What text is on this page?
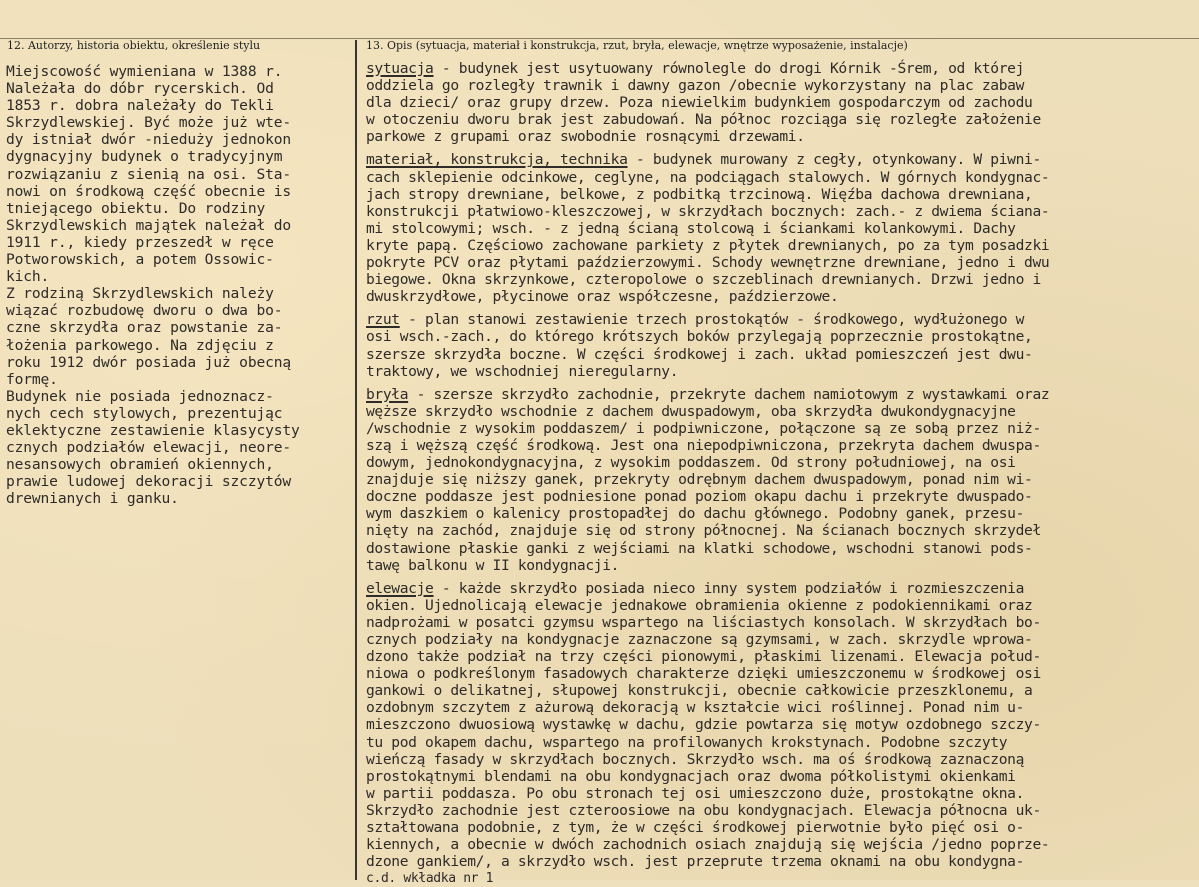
12. Autorzy, historia obiektu, określenie stylu	13. Opis (sytuacja, materiał i konstrukcja, rzut, bryła, elewacje, wnętrze wyposażenie, instalacje)
Miejscowość wymieniana w 1388 r.
Należała do dóbr rycerskich. Od
1853 r. dobra należały do Tekli
Skrzydlewskiej. Być może już wte-
dy istniał dwór -nieduży jednokon
dygnacyjny budynek o tradycyjnym
rozwiązaniu z sienią na osi. Sta-
nowi on środkową część obecnie is
tniejącego obiektu. Do rodziny
Skrzydlewskich majątek należał do
1911 r., kiedy przeszedł w ręce
Potworowskich, a potem Ossowic-
kich.
Z rodziną Skrzydlewskich należy
wiązać rozbudowę dworu o dwa bo-
czne skrzydła oraz powstanie za-
łożenia parkowego. Na zdjęciu z
roku 1912 dwór posiada już obecną
formę.
Budynek nie posiada jednoznacz-
nych cech stylowych, prezentując
eklektyczne zestawienie klasycysty
cznych podziałów elewacji, neore-
nesansowych obramień okiennych,
prawie ludowej dekoracji szczytów
drewnianych i ganku.
sytuacja - budynek jest usytuowany równolegle do drogi Kórnik -Śrem, od której
oddziela go rozległy trawnik i dawny gazon /obecnie wykorzystany na plac zabaw
dla dzieci/ oraz grupy drzew. Poza niewielkim budynkiem gospodarczym od zachodu
w otoczeniu dworu brak jest zabudowań. Na północ rozciąga się rozległe założenie
parkowe z grupami oraz swobodnie rosnącymi drzewami.
materiał, konstrukcja, technika - budynek murowany z cegły, otynkowany. W piwni-
cach sklepienie odcinkowe, ceglyne, na podciągach stalowych. W górnych kondygnac-
jach stropy drewniane, belkowe, z podbitką trzcinową. Więźba dachowa drewniana,
konstrukcji płatwiowo-kleszczowej, w skrzydłach bocznych: zach.- z dwiema ściana-
mi stolcowymi; wsch. - z jedną ścianą stolcową i ściankami kolankowymi. Dachy
kryte papą. Częściowo zachowane parkiety z płytek drewnianych, po za tym posadzki
pokryte PCV oraz płytami paździerzowymi. Schody wewnętrzne drewniane, jedno i dwu
biegowe. Okna skrzynkowe, czteropolowe o szczeblinach drewnianych. Drzwi jedno i
dwuskrzydłowe, płycinowe oraz współczesne, paździerzowe.
rzut - plan stanowi zestawienie trzech prostokątów - środkowego, wydłużonego w
osi wsch.-zach., do którego krótszych boków przylegają poprzecznie prostokątne,
szersze skrzydła boczne. W części środkowej i zach. układ pomieszczeń jest dwu-
traktowy, we wschodniej nieregularny.
bryła - szersze skrzydło zachodnie, przekryte dachem namiotowym z wystawkami oraz
węższe skrzydło wschodnie z dachem dwuspadowym, oba skrzydła dwukondygnacyjne
/wschodnie z wysokim poddaszem/ i podpiwniczone, połączone są ze sobą przez niż-
szą i węższą część środkową. Jest ona niepodpiwniczona, przekryta dachem dwuspa-
dowym, jednokondygnacyjna, z wysokim poddaszem. Od strony południowej, na osi
znajduje się niższy ganek, przekryty odrębnym dachem dwuspadowym, ponad nim wi-
doczne poddasze jest podniesione ponad poziom okapu dachu i przekryte dwuspado-
wym daszkiem o kalenicy prostopadłej do dachu głównego. Podobny ganek, przesu-
nięty na zachód, znajduje się od strony północnej. Na ścianach bocznych skrzydeł
dostawione płaskie ganki z wejściami na klatki schodowe, wschodni stanowi pods-
tawę balkonu w II kondygnacji.
elewacje - każde skrzydło posiada nieco inny system podziałów i rozmieszczenia
okien. Ujednolicają elewacje jednakowe obramienia okienne z podokiennikami oraz
nadprożami w posatci gzymsu wspartego na liściastych konsolach. W skrzydłach bo-
cznych podziały na kondygnacje zaznaczone są gzymsami, w zach. skrzydle wprowa-
dzono także podział na trzy części pionowymi, płaskimi lizenami. Elewacja połud-
niowa o podkreślonym fasadowych charakterze dzięki umieszczonemu w środkowej osi
gankowi o delikatnej, słupowej konstrukcji, obecnie całkowicie przeszklonemu, a
ozdobnym szczytem z ażurową dekoracją w kształcie wici roślinnej. Ponad nim u-
mieszczono dwuosiową wystawkę w dachu, gdzie powtarza się motyw ozdobnego szczy-
tu pod okapem dachu, wspartego na profilowanych krokstynach. Podobne szczyty
wieńczą fasady w skrzydłach bocznych. Skrzydło wsch. ma oś środkową zaznaczoną
prostokątnymi blendami na obu kondygnacjach oraz dwoma półkolistymi okienkami
w partii poddasza. Po obu stronach tej osi umieszczono duże, prostokątne okna.
Skrzydło zachodnie jest czteroosiowe na obu kondygnacjach. Elewacja północna uk-
ształtowana podobnie, z tym, że w części środkowej pierwotnie było pięć osi o-
kiennych, a obecnie w dwóch zachodnich osiach znajdują się wejścia /jedno poprze-
dzone gankiem/, a skrzydło wsch. jest przeprute trzema oknami na obu kondygna-
c.d. wkładka nr 1
